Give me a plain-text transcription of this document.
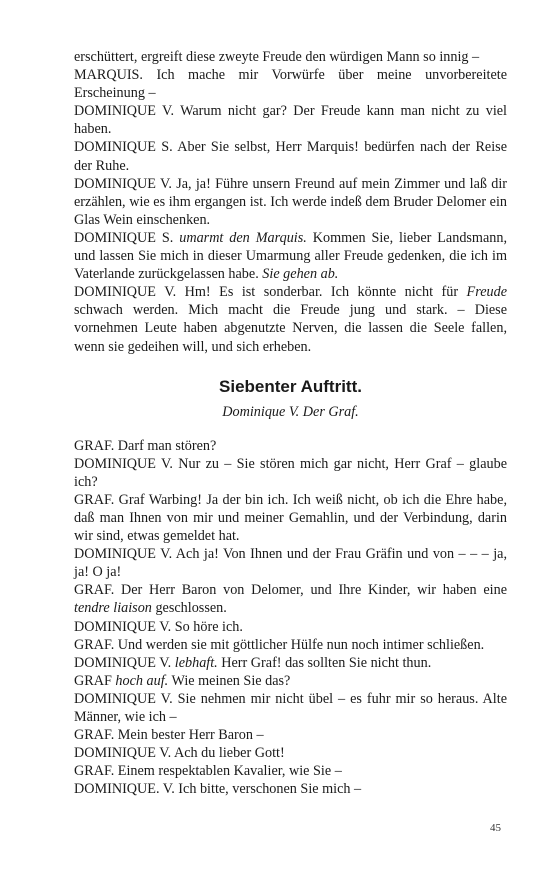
erschüttert, ergreift diese zweyte Freude den würdigen Mann so innig –

MARQUIS. Ich mache mir Vorwürfe über meine unvorbereitete Erscheinung –

DOMINIQUE V. Warum nicht gar? Der Freude kann man nicht zu viel haben.

DOMINIQUE S. Aber Sie selbst, Herr Marquis! bedürfen nach der Reise der Ruhe.

DOMINIQUE V. Ja, ja! Führe unsern Freund auf mein Zimmer und laß dir erzählen, wie es ihm ergangen ist. Ich werde indeß dem Bruder Delomer ein Glas Wein einschenken.

DOMINIQUE S. umarmt den Marquis. Kommen Sie, lieber Landsmann, und lassen Sie mich in dieser Umarmung aller Freude gedenken, die ich im Vaterlande zurückgelassen habe. Sie gehen ab.

DOMINIQUE V. Hm! Es ist sonderbar. Ich könnte nicht für Freude schwach werden. Mich macht die Freude jung und stark. – Diese vornehmen Leute haben abgenutzte Nerven, die lassen die Seele fallen, wenn sie gedeihen will, und sich erheben.

Siebenter Auftritt.
Dominique V. Der Graf.

GRAF. Darf man stören?

DOMINIQUE V. Nur zu – Sie stören mich gar nicht, Herr Graf – glaube ich?

GRAF. Graf Warbing! Ja der bin ich. Ich weiß nicht, ob ich die Ehre habe, daß man Ihnen von mir und meiner Gemahlin, und der Verbindung, darin wir sind, etwas gemeldet hat.

DOMINIQUE V. Ach ja! Von Ihnen und der Frau Gräfin und von – – – ja, ja! O ja!

GRAF. Der Herr Baron von Delomer, und Ihre Kinder, wir haben eine tendre liaison geschlossen.

DOMINIQUE V. So höre ich.

GRAF. Und werden sie mit göttlicher Hülfe nun noch intimer schließen.

DOMINIQUE V. lebhaft. Herr Graf! das sollten Sie nicht thun.

GRAF hoch auf. Wie meinen Sie das?

DOMINIQUE V. Sie nehmen mir nicht übel – es fuhr mir so heraus. Alte Männer, wie ich –

GRAF. Mein bester Herr Baron –

DOMINIQUE V. Ach du lieber Gott!

GRAF. Einem respektablen Kavalier, wie Sie –

DOMINIQUE. V. Ich bitte, verschonen Sie mich –

45
